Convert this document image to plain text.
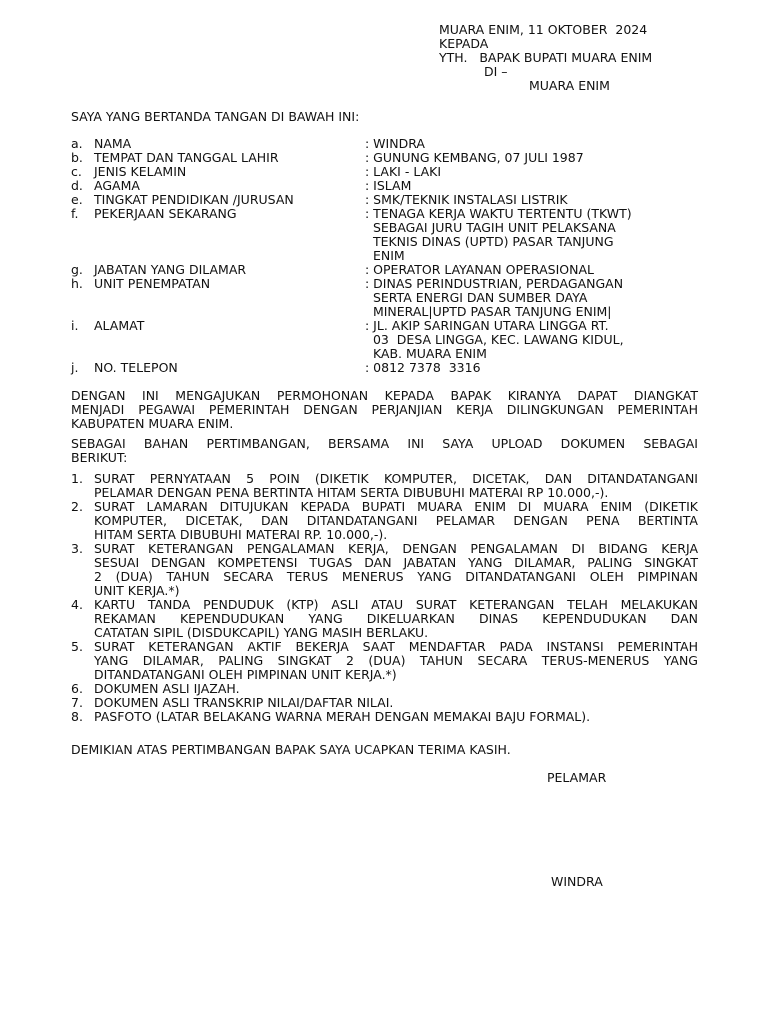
MUARA ENIM, 11 OKTOBER  2024
KEPADA
YTH.   BAPAK BUPATI MUARA ENIM
DI –
MUARA ENIM
SAYA YANG BERTANDA TANGAN DI BAWAH INI:
a. NAMA	: WINDRA
b. TEMPAT DAN TANGGAL LAHIR	: GUNUNG KEMBANG, 07 JULI 1987
c. JENIS KELAMIN	: LAKI - LAKI
d. AGAMA	: ISLAM
e. TINGKAT PENDIDIKAN /JURUSAN	: SMK/TEKNIK INSTALASI LISTRIK
f. PEKERJAAN SEKARANG	: TENAGA KERJA WAKTU TERTENTU (TKWT)
SEBAGAI JURU TAGIH UNIT PELAKSANA
TEKNIS DINAS (UPTD) PASAR TANJUNG
ENIM
g. JABATAN YANG DILAMAR	: OPERATOR LAYANAN OPERASIONAL
h. UNIT PENEMPATAN	: DINAS PERINDUSTRIAN, PERDAGANGAN
SERTA ENERGI DAN SUMBER DAYA
MINERAL|UPTD PASAR TANJUNG ENIM|
i. ALAMAT	: JL. AKIP SARINGAN UTARA LINGGA RT.
03  DESA LINGGA, KEC. LAWANG KIDUL,
KAB. MUARA ENIM
j. NO. TELEPON	: 0812 7378  3316
DENGAN INI MENGAJUKAN PERMOHONAN KEPADA BAPAK KIRANYA DAPAT DIANGKAT
MENJADI PEGAWAI PEMERINTAH DENGAN PERJANJIAN KERJA DILINGKUNGAN PEMERINTAH
KABUPATEN MUARA ENIM.
SEBAGAI BAHAN PERTIMBANGAN, BERSAMA INI SAYA UPLOAD DOKUMEN SEBAGAI
BERIKUT:
1. SURAT PERNYATAAN 5 POIN (DIKETIK KOMPUTER, DICETAK, DAN DITANDATANGANI
PELAMAR DENGAN PENA BERTINTA HITAM SERTA DIBUBUHI MATERAI RP 10.000,-).
2. SURAT LAMARAN DITUJUKAN KEPADA BUPATI MUARA ENIM DI MUARA ENIM (DIKETIK
KOMPUTER, DICETAK, DAN DITANDATANGANI PELAMAR DENGAN PENA BERTINTA
HITAM SERTA DIBUBUHI MATERAI RP. 10.000,-).
3. SURAT KETERANGAN PENGALAMAN KERJA, DENGAN PENGALAMAN DI BIDANG KERJA
SESUAI DENGAN KOMPETENSI TUGAS DAN JABATAN YANG DILAMAR, PALING SINGKAT
2 (DUA) TAHUN SECARA TERUS MENERUS YANG DITANDATANGANI OLEH PIMPINAN
UNIT KERJA.*)
4. KARTU TANDA PENDUDUK (KTP) ASLI ATAU SURAT KETERANGAN TELAH MELAKUKAN
REKAMAN KEPENDUDUKAN YANG DIKELUARKAN DINAS KEPENDUDUKAN DAN
CATATAN SIPIL (DISDUKCAPIL) YANG MASIH BERLAKU.
5. SURAT KETERANGAN AKTIF BEKERJA SAAT MENDAFTAR PADA INSTANSI PEMERINTAH
YANG DILAMAR, PALING SINGKAT 2 (DUA) TAHUN SECARA TERUS-MENERUS YANG
DITANDATANGANI OLEH PIMPINAN UNIT KERJA.*)
6. DOKUMEN ASLI IJAZAH.
7. DOKUMEN ASLI TRANSKRIP NILAI/DAFTAR NILAI.
8. PASFOTO (LATAR BELAKANG WARNA MERAH DENGAN MEMAKAI BAJU FORMAL).
DEMIKIAN ATAS PERTIMBANGAN BAPAK SAYA UCAPKAN TERIMA KASIH.
PELAMAR
WINDRA
